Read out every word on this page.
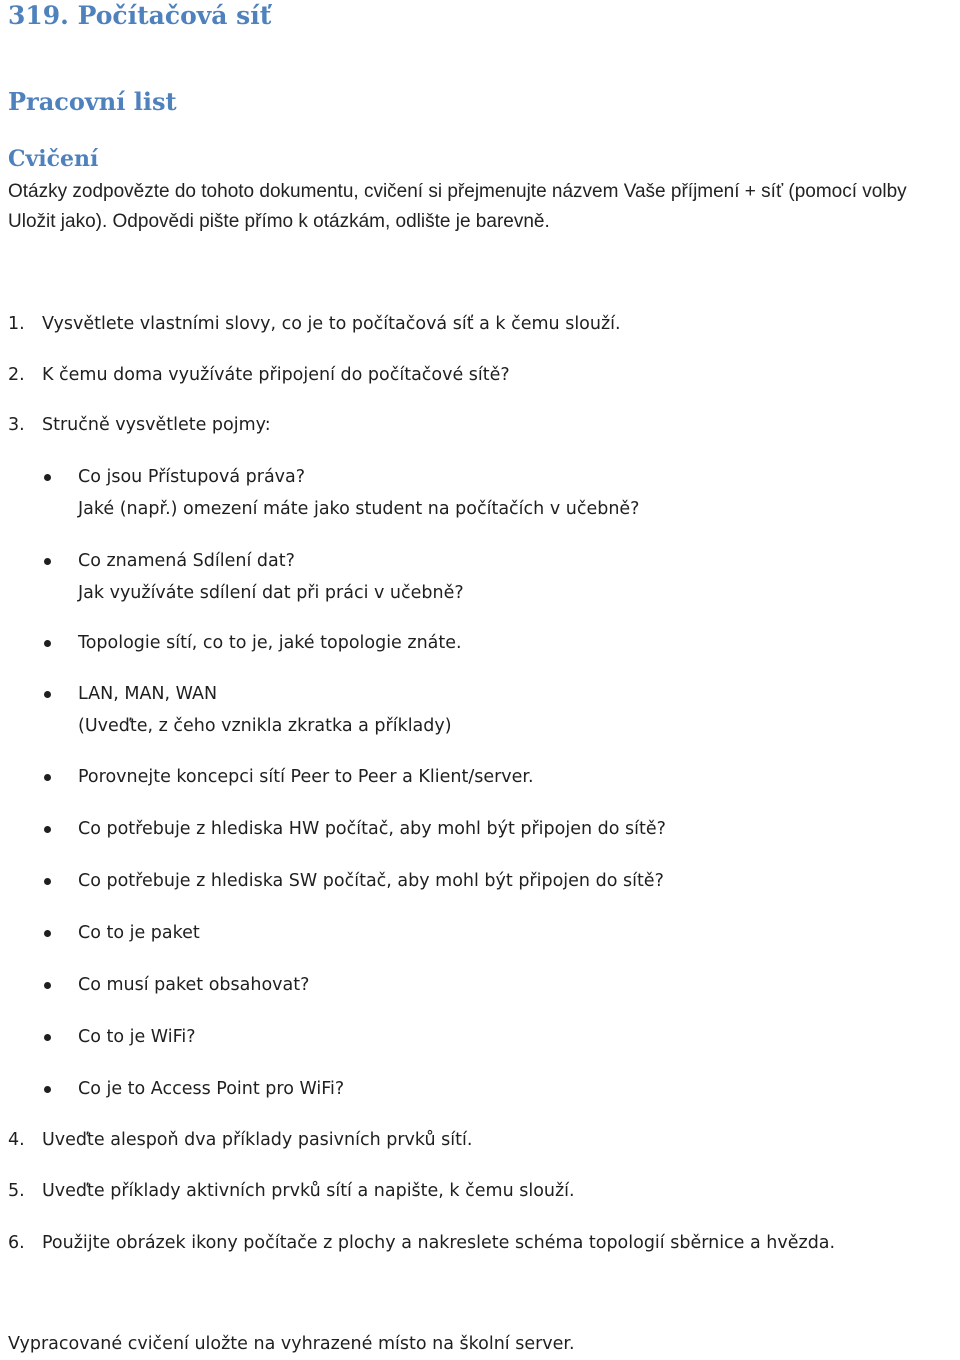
319. Počítačová síť
Pracovní list
Cvičení
Otázky zodpovězte do tohoto dokumentu, cvičení si přejmenujte názvem Vaše příjmení + síť (pomocí volby Uložit jako). Odpovědi pište přímo k otázkám, odlište je barevně.
1. Vysvětlete vlastními slovy, co je to počítačová síť a k čemu slouží.
2. K čemu doma využíváte připojení do počítačové sítě?
3. Stručně vysvětlete pojmy:
Co jsou Přístupová práva?
Jaké (např.) omezení máte jako student na počítačích v učebně?
Co znamená Sdílení dat?
Jak využíváte sdílení dat při práci v učebně?
Topologie sítí, co to je, jaké topologie znáte.
LAN, MAN, WAN
(Uveďte, z čeho vznikla zkratka a příklady)
Porovnejte koncepci sítí Peer to Peer a Klient/server.
Co potřebuje z hlediska HW počítač, aby mohl být připojen do sítě?
Co potřebuje z hlediska SW počítač, aby mohl být připojen do sítě?
Co to je paket
Co musí paket obsahovat?
Co to je WiFi?
Co je to Access Point pro WiFi?
4. Uveďte alespoň dva příklady pasivních prvků sítí.
5. Uveďte příklady aktivních prvků sítí a napište, k čemu slouží.
6. Použijte obrázek ikony počítače z plochy a nakreslete schéma topologií sběrnice a hvězda.
Vypracované cvičení uložte na vyhrazené místo na školní server.
